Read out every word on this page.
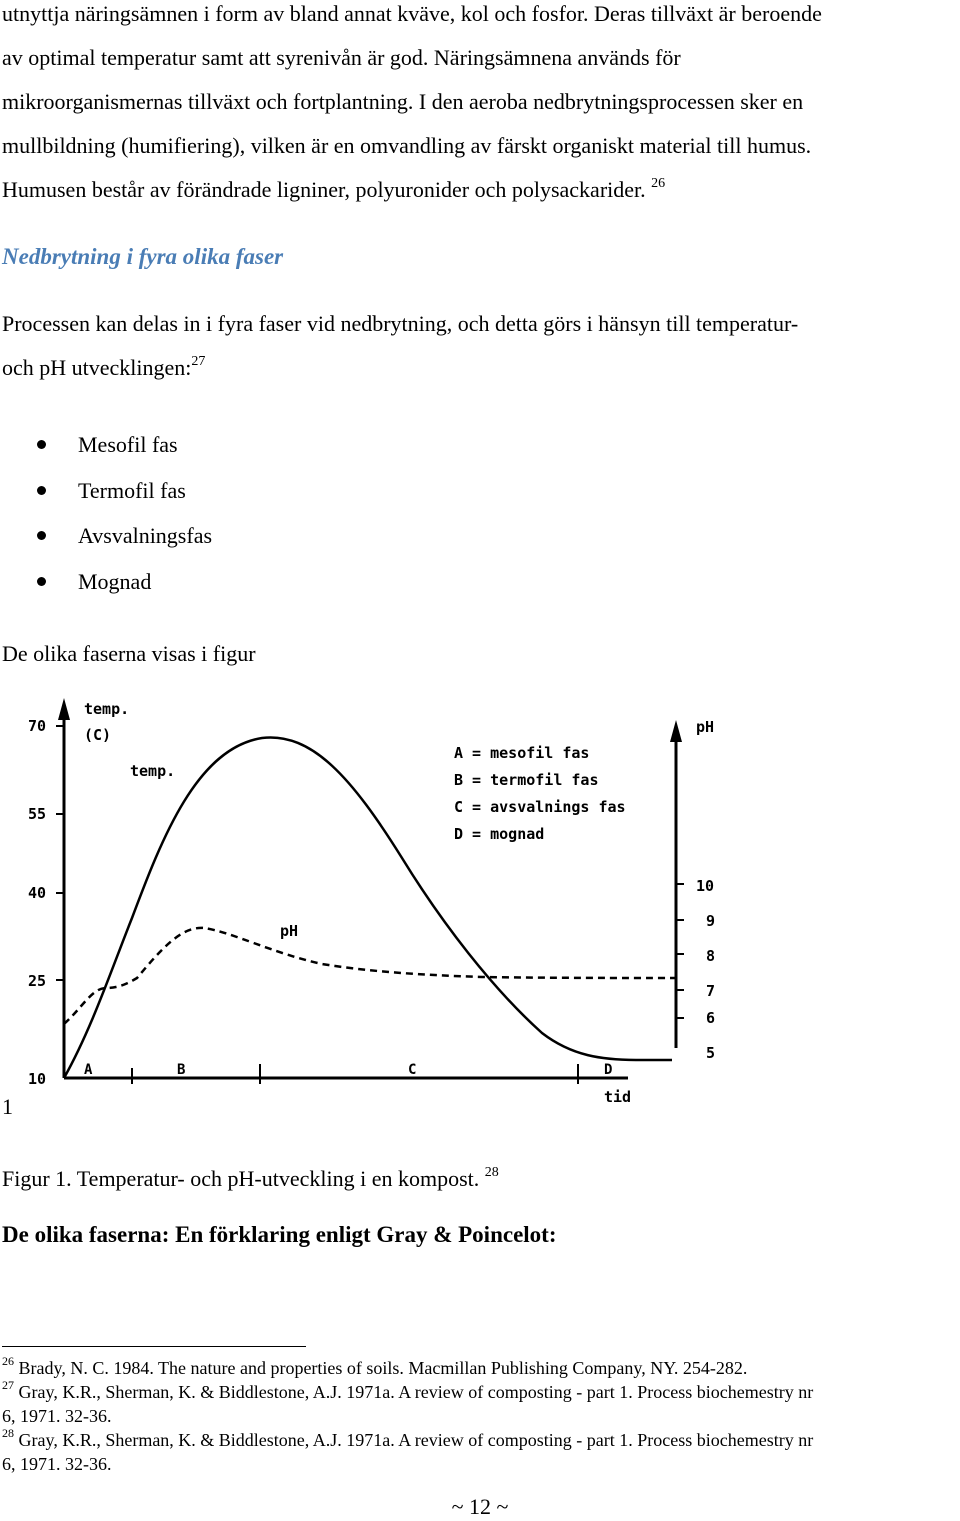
utnyttja näringsämnen i form av bland annat kväve, kol och fosfor. Deras tillväxt är beroende
av optimal temperatur samt att syrenivån är god. Näringsämnena används för
mikroorganismernas tillväxt och fortplantning. I den aeroba nedbrytningsprocessen sker en
mullbildning (humifiering), vilken är en omvandling av färskt organiskt material till humus.
Humusen består av förändrade ligniner, polyuronider och polysackarider. $^{26}$
Nedbrytning i fyra olika faser
Processen kan delas in i fyra faser vid nedbrytning, och detta görs i hänsyn till temperatur-
och pH utvecklingen:$^{27}$
Mesofil fas
Termofil fas
Avsvalningsfas
Mognad
De olika faserna visas i figur
70
55
40
25
10
temp.
(C)
temp.
pH
10
9
8
7
6
5
A	B	C	D
tid
A = mesofil fas
B = termofil fas
C = avsvalnings fas
D = mognad
pH
1
Figur 1. Temperatur- och pH-utveckling i en kompost. $^{28}$
De olika faserna: En förklaring enligt Gray & Poincelot:
$^{26}$ Brady, N. C. 1984. The nature and properties of soils. Macmillan Publishing Company, NY. 254-282.
$^{27}$ Gray, K.R., Sherman, K. & Biddlestone, A.J. 1971a. A review of composting - part 1. Process biochemestry nr
6, 1971. 32-36.
$^{28}$ Gray, K.R., Sherman, K. & Biddlestone, A.J. 1971a. A review of composting - part 1. Process biochemestry nr
6, 1971. 32-36.
~ 12 ~
